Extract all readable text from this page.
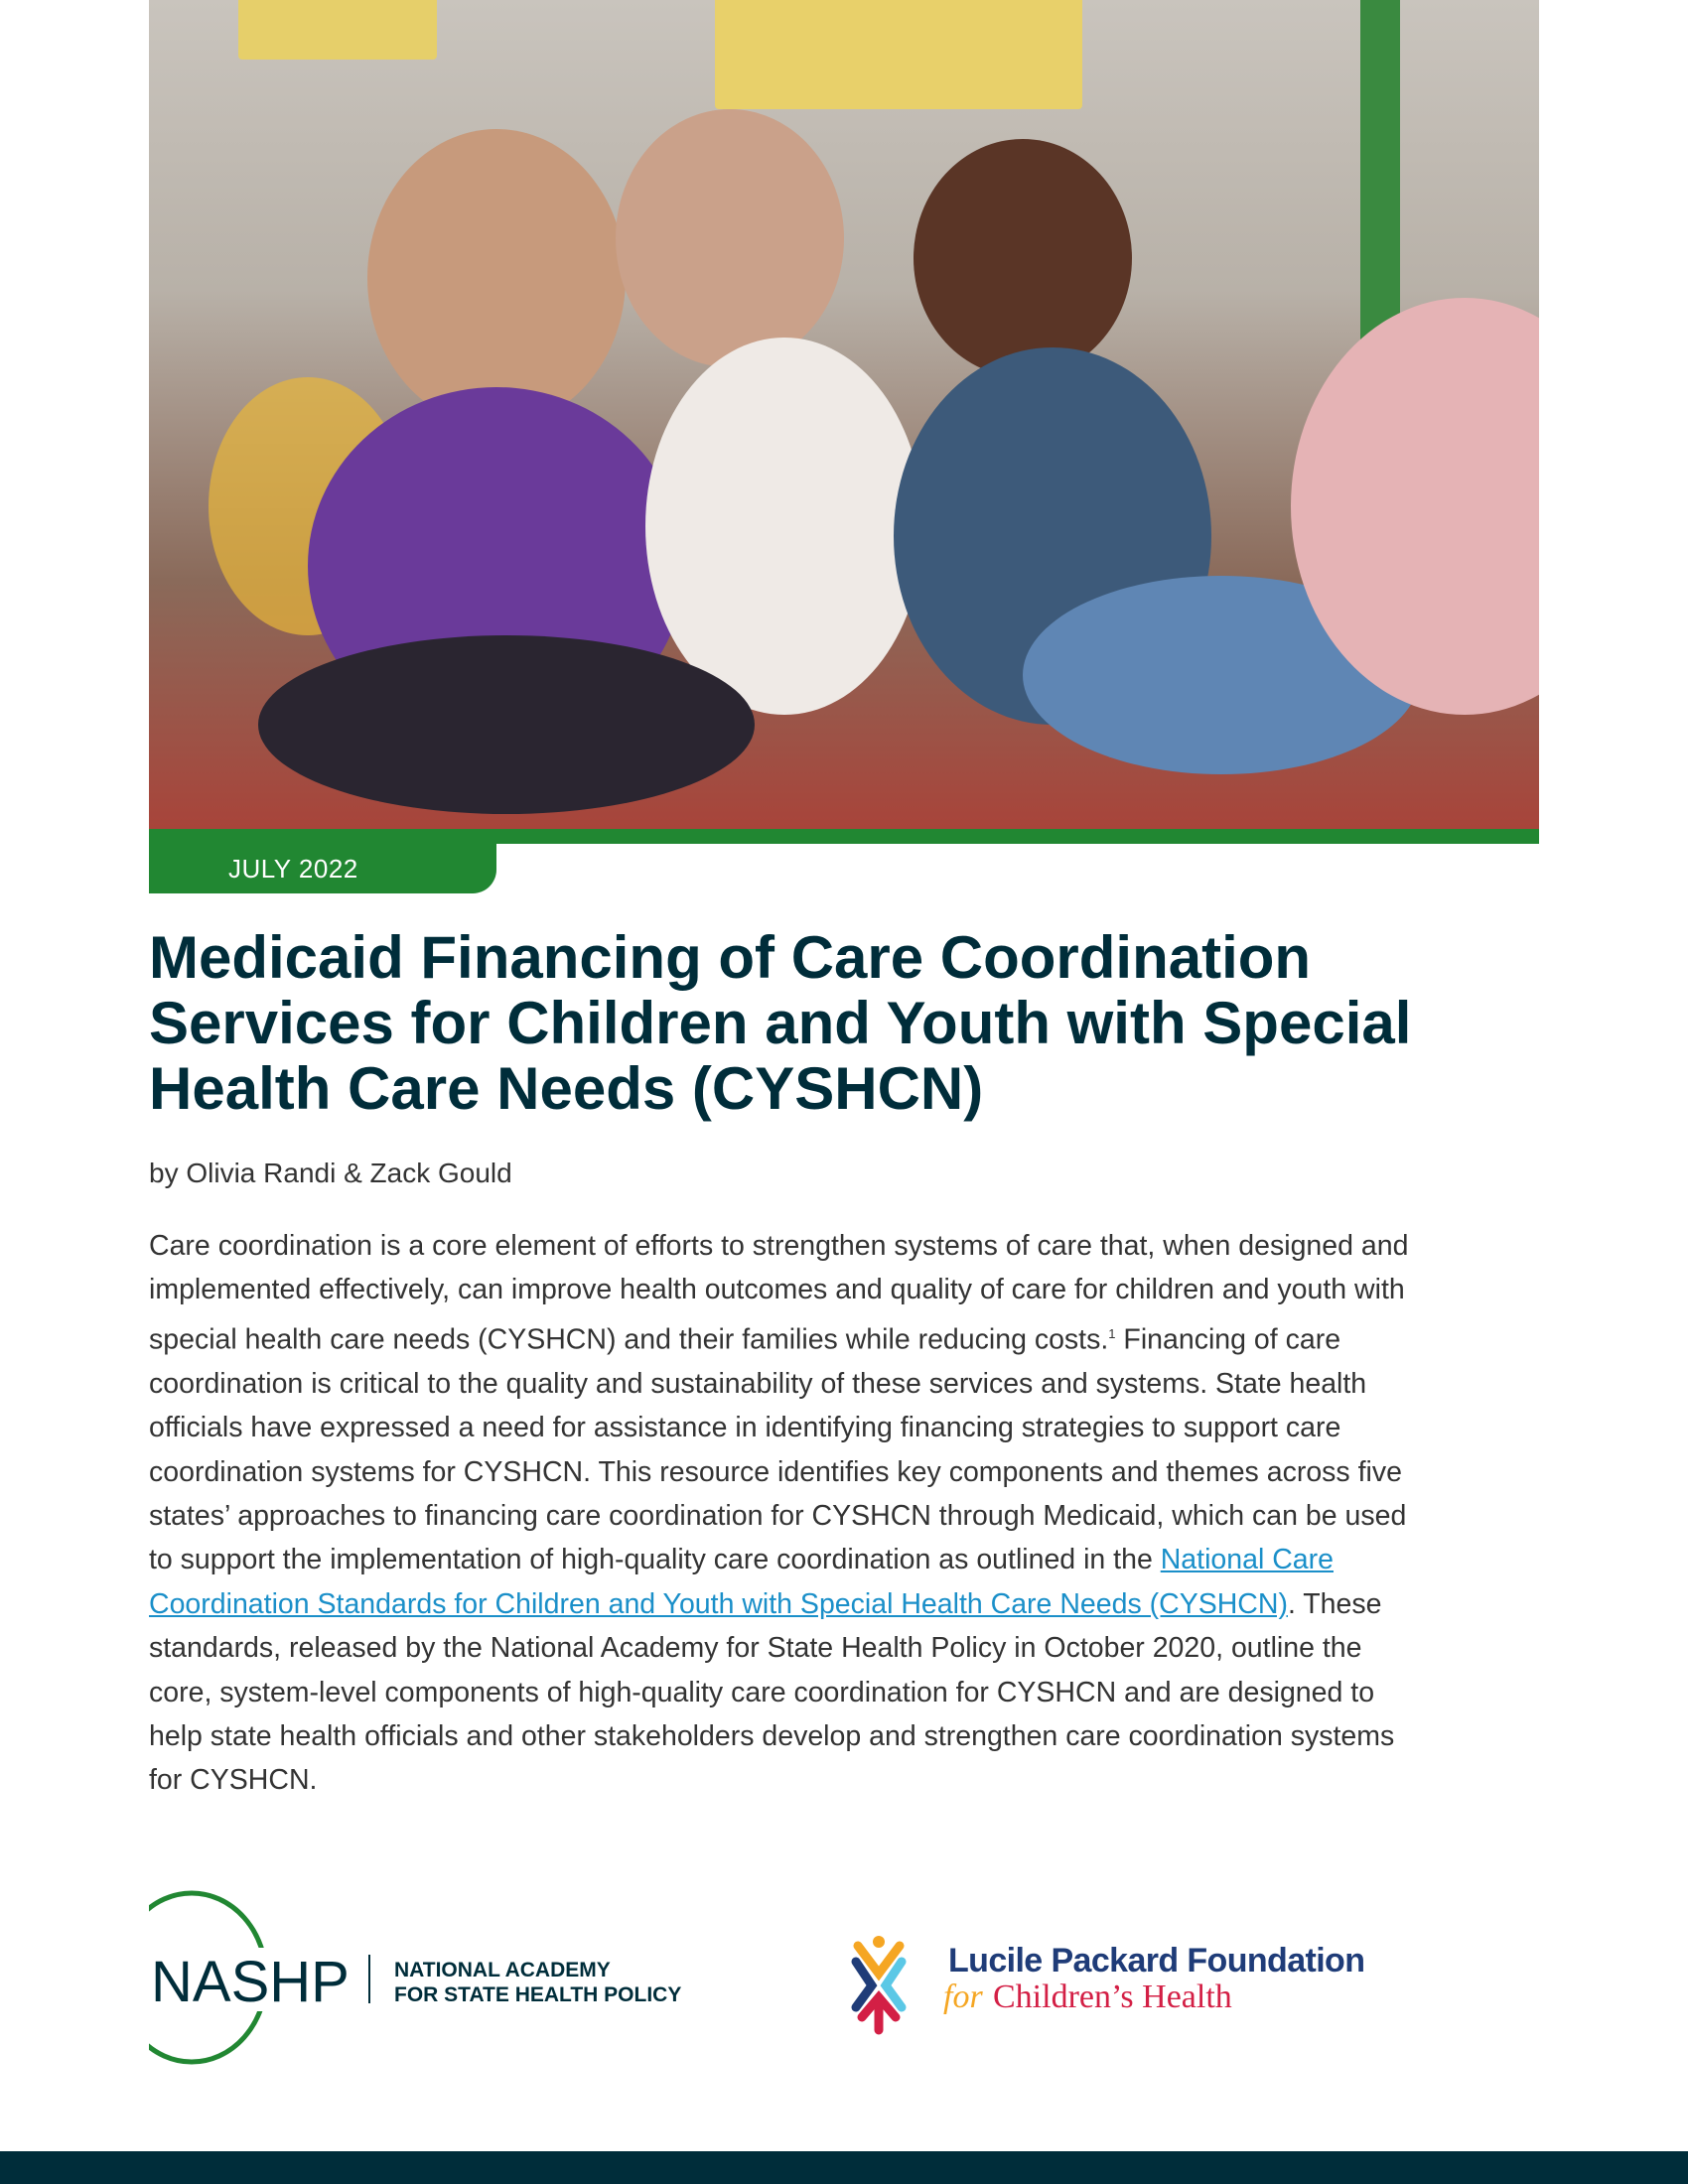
JULY 2022
Medicaid Financing of Care Coordination Services for Children and Youth with Special Health Care Needs (CYSHCN)
by Olivia Randi & Zack Gould

Care coordination is a core element of efforts to strengthen systems of care that, when designed and implemented effectively, can improve health outcomes and quality of care for children and youth with special health care needs (CYSHCN) and their families while reducing costs.$^1$ Financing of care coordination is critical to the quality and sustainability of these services and systems. State health officials have expressed a need for assistance in identifying financing strategies to support care coordination systems for CYSHCN. This resource identifies key components and themes across five states’ approaches to financing care coordination for CYSHCN through Medicaid, which can be used to support the implementation of high-quality care coordination as outlined in the National Care Coordination Standards for Children and Youth with Special Health Care Needs (CYSHCN). These standards, released by the National Academy for State Health Policy in October 2020, outline the core, system-level components of high-quality care coordination for CYSHCN and are designed to help state health officials and other stakeholders develop and strengthen care coordination systems for CYSHCN.

NASHP NATIONAL ACADEMY
FOR STATE HEALTH POLICY
Lucile Packard Foundation
for Children’s Health
